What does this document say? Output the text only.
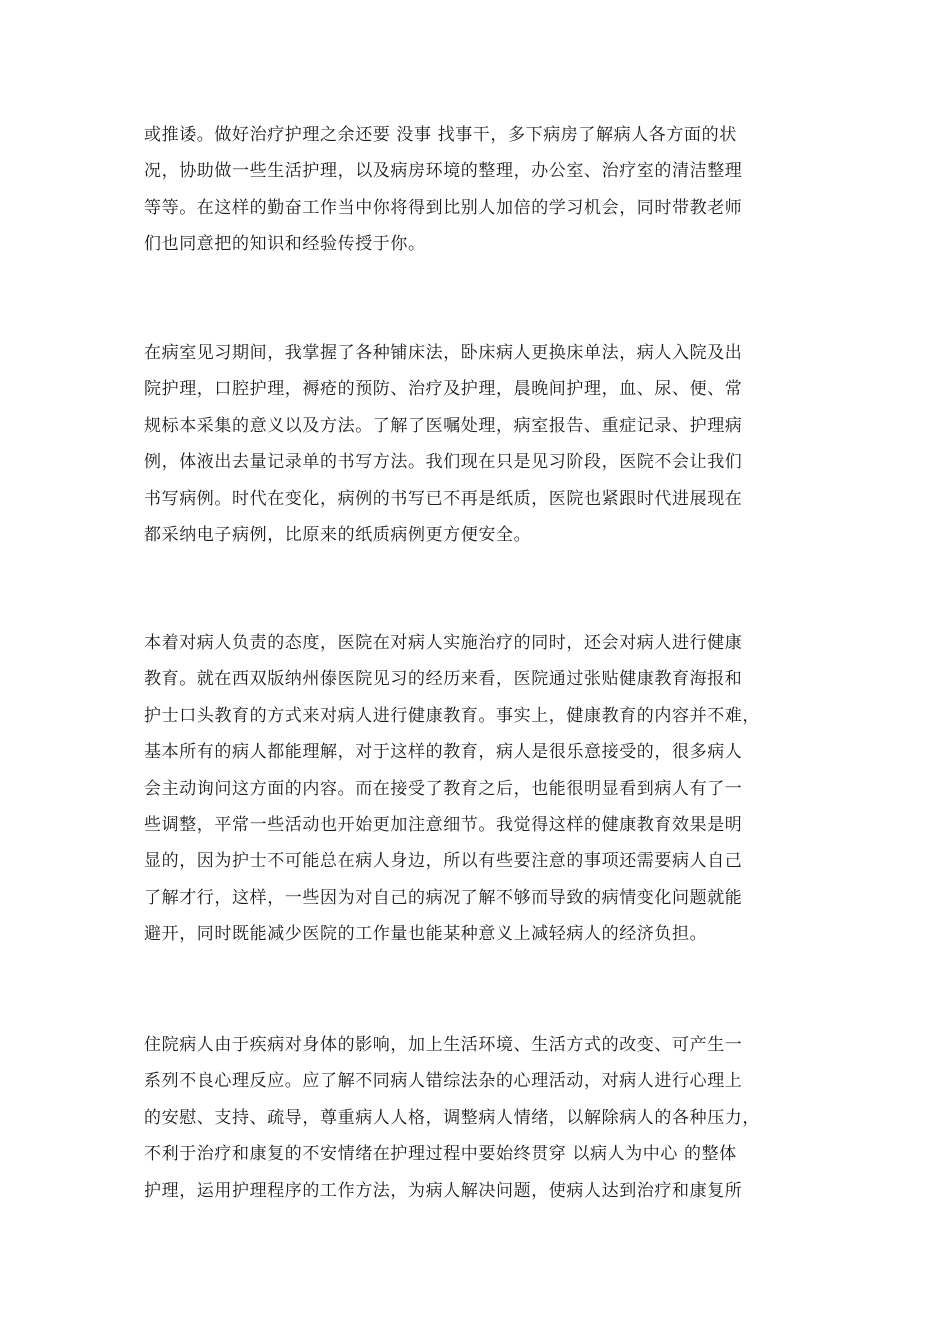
或推诿。做好治疗护理之余还要 没事 找事干，多下病房了解病人各方面的状
况，协助做一些生活护理，以及病房环境的整理，办公室、治疗室的清洁整理
等等。在这样的勤奋工作当中你将得到比别人加倍的学习机会，同时带教老师
们也同意把的知识和经验传授于你。

在病室见习期间，我掌握了各种铺床法，卧床病人更换床单法，病人入院及出
院护理，口腔护理，褥疮的预防、治疗及护理，晨晚间护理，血、尿、便、常
规标本采集的意义以及方法。了解了医嘱处理，病室报告、重症记录、护理病
例，体液出去量记录单的书写方法。我们现在只是见习阶段，医院不会让我们
书写病例。时代在变化，病例的书写已不再是纸质，医院也紧跟时代进展现在
都采纳电子病例，比原来的纸质病例更方便安全。

本着对病人负责的态度，医院在对病人实施治疗的同时，还会对病人进行健康
教育。就在西双版纳州傣医院见习的经历来看，医院通过张贴健康教育海报和
护士口头教育的方式来对病人进行健康教育。事实上，健康教育的内容并不难，
基本所有的病人都能理解，对于这样的教育，病人是很乐意接受的，很多病人
会主动询问这方面的内容。而在接受了教育之后，也能很明显看到病人有了一
些调整，平常一些活动也开始更加注意细节。我觉得这样的健康教育效果是明
显的，因为护士不可能总在病人身边，所以有些要注意的事项还需要病人自己
了解才行，这样，一些因为对自己的病况了解不够而导致的病情变化问题就能
避开，同时既能减少医院的工作量也能某种意义上减轻病人的经济负担。

住院病人由于疾病对身体的影响，加上生活环境、生活方式的改变、可产生一
系列不良心理反应。应了解不同病人错综法杂的心理活动，对病人进行心理上
的安慰、支持、疏导，尊重病人人格，调整病人情绪，以解除病人的各种压力，
不利于治疗和康复的不安情绪在护理过程中要始终贯穿 以病人为中心 的整体
护理，运用护理程序的工作方法，为病人解决问题，使病人达到治疗和康复所
